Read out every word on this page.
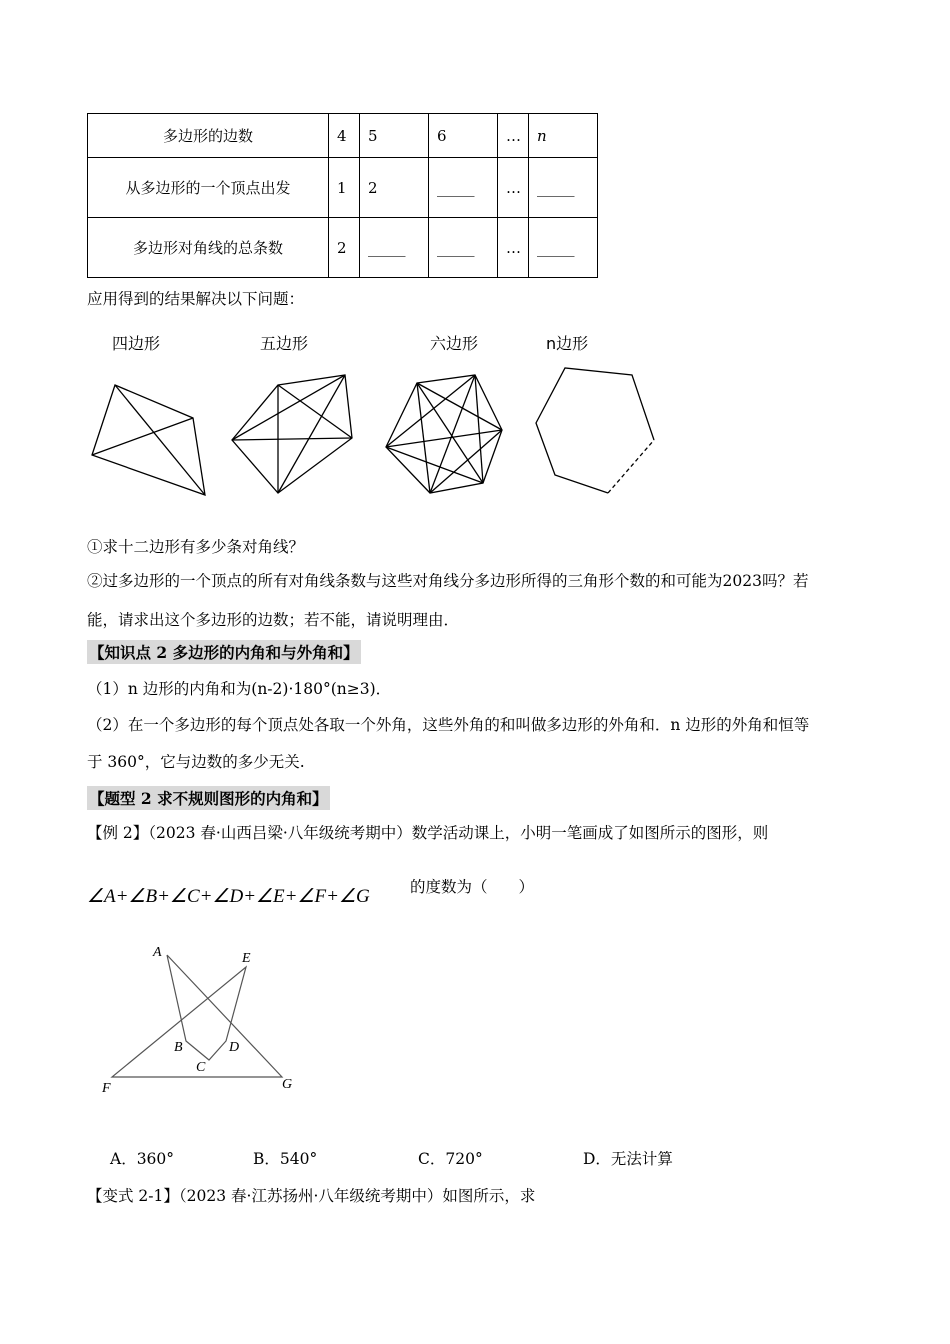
多边形的边数	4	5	6	…	n
从多边形的一个顶点出发	1	2	_____	…	_____
多边形对角线的总条数	2	_____	_____	…	_____
应用得到的结果解决以下问题：
四边形	五边形	六边形	n边形
①求十二边形有多少条对角线？
②过多边形的一个顶点的所有对角线条数与这些对角线分多边形所得的三角形个数的和可能为2023吗？若
能，请求出这个多边形的边数；若不能，请说明理由．
【知识点 2 多边形的内角和与外角和】
（1）n 边形的内角和为(n-2)·180°(n≥3)．
（2）在一个多边形的每个顶点处各取一个外角，这些外角的和叫做多边形的外角和．n 边形的外角和恒等
于 360°，它与边数的多少无关.
【题型 2 求不规则图形的内角和】
【例 2】（2023 春·山西吕梁·八年级统考期中）数学活动课上，小明一笔画成了如图所示的图形，则
∠A+∠B+∠C+∠D+∠E+∠F+∠G	的度数为（　　）
A	E
B	D
C
F	G
A．360°	B．540°	C．720°	D．无法计算
【变式 2-1】（2023 春·江苏扬州·八年级统考期中）如图所示，求
